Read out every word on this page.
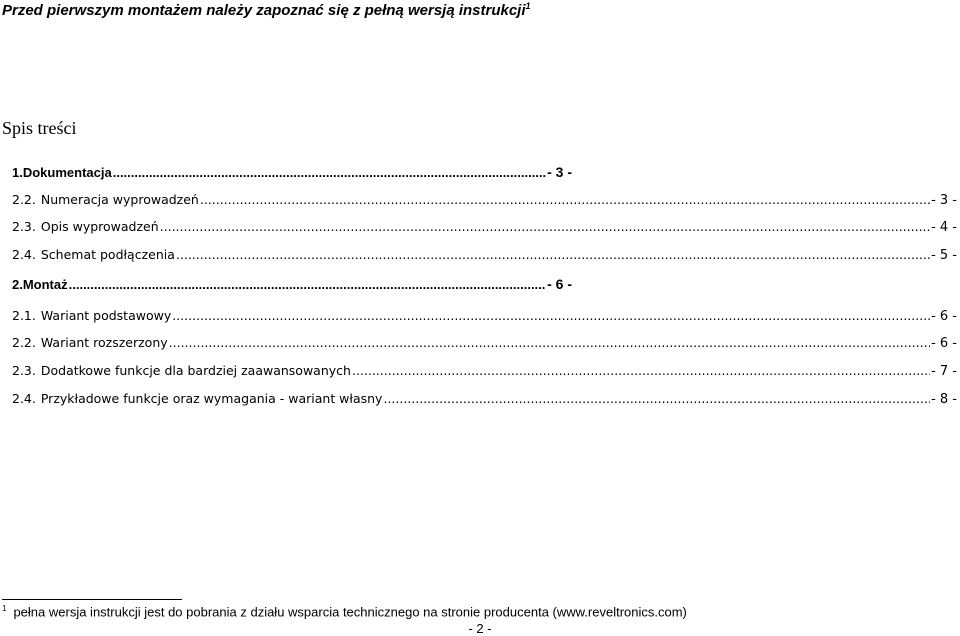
Przed pierwszym montażem należy zapoznać się z pełną wersją instrukcji$^1$
Spis treści
1. Dokumentacja .....	- 3 -
2.2. Numeracja wyprowadzeń .....	- 3 -
2.3. Opis wyprowadzeń .....	- 4 -
2.4. Schemat podłączenia .....	- 5 -
2. Montaż .....	- 6 -
2.1. Wariant podstawowy .....	- 6 -
2.2. Wariant rozszerzony .....	- 6 -
2.3. Dodatkowe funkcje dla bardziej zaawansowanych .....	- 7 -
2.4. Przykładowe funkcje oraz wymagania - wariant własny .....	- 8 -
$^1$ pełna wersja instrukcji jest do pobrania z działu wsparcia technicznego na stronie producenta (www.reveltronics.com)
- 2 -
